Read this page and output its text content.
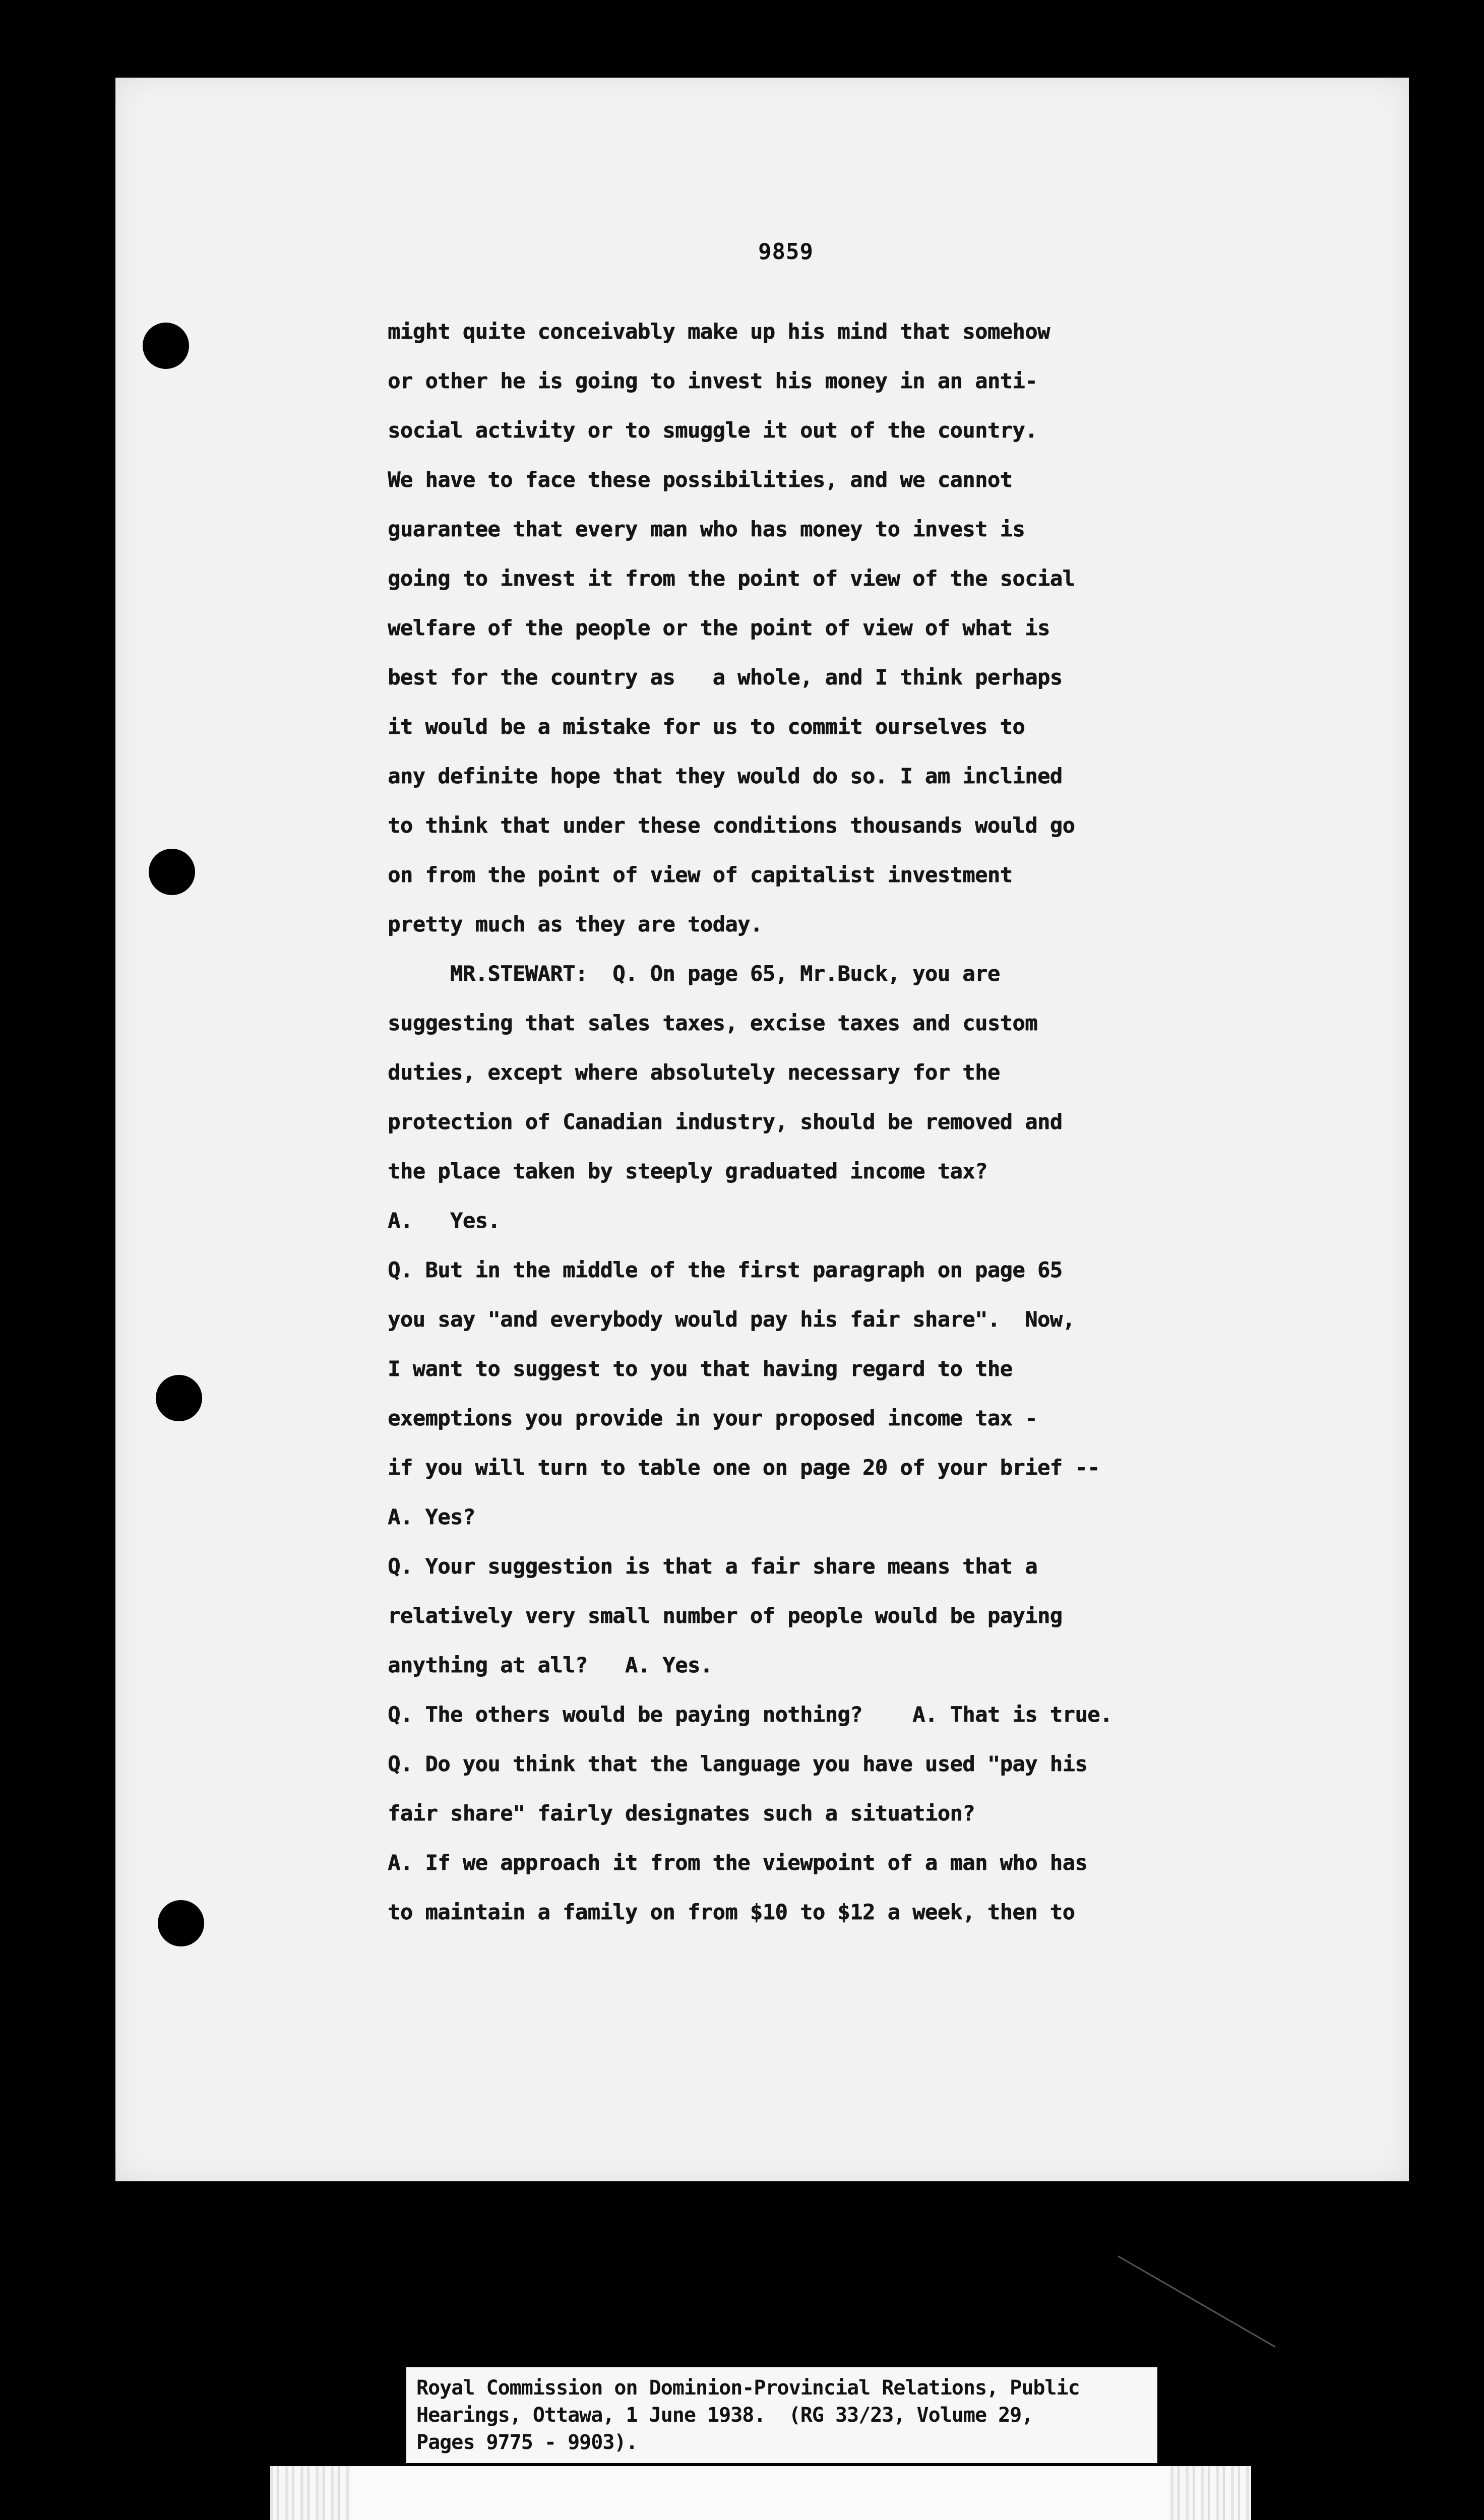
9859
might quite conceivably make up his mind that somehow
or other he is going to invest his money in an anti-
social activity or to smuggle it out of the country.
We have to face these possibilities, and we cannot
guarantee that every man who has money to invest is
going to invest it from the point of view of the social
welfare of the people or the point of view of what is
best for the country as   a whole, and I think perhaps
it would be a mistake for us to commit ourselves to
any definite hope that they would do so. I am inclined
to think that under these conditions thousands would go
on from the point of view of capitalist investment
pretty much as they are today.
MR.STEWART:  Q. On page 65, Mr.Buck, you are
suggesting that sales taxes, excise taxes and custom
duties, except where absolutely necessary for the
protection of Canadian industry, should be removed and
the place taken by steeply graduated income tax?
A.   Yes.
Q. But in the middle of the first paragraph on page 65
you say "and everybody would pay his fair share".  Now,
I want to suggest to you that having regard to the
exemptions you provide in your proposed income tax -
if you will turn to table one on page 20 of your brief --
A. Yes?
Q. Your suggestion is that a fair share means that a
relatively very small number of people would be paying
anything at all?   A. Yes.
Q. The others would be paying nothing?    A. That is true.
Q. Do you think that the language you have used "pay his
fair share" fairly designates such a situation?
A. If we approach it from the viewpoint of a man who has
to maintain a family on from $10 to $12 a week, then to
Royal Commission on Dominion-Provincial Relations, Public
Hearings, Ottawa, 1 June 1938.  (RG 33/23, Volume 29,
Pages 9775 - 9903).
